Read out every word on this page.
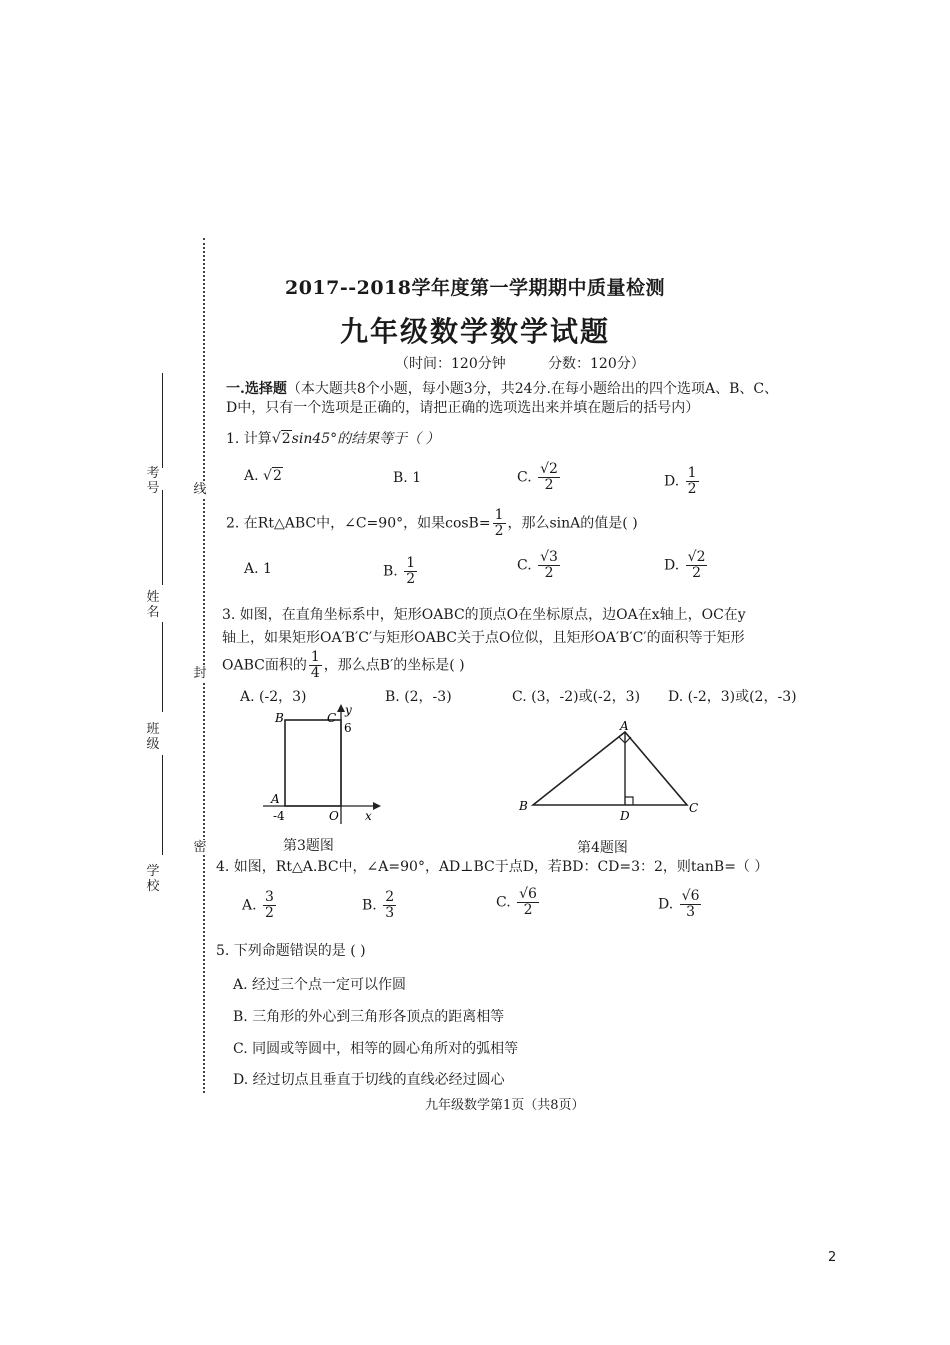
考号
姓名
班级
学校
线
封
密
2017--2018学年度第一学期期中质量检测
九年级数学数学试题
（时间：120分钟	分数：120分）
一.选择题（本大题共8个小题，每小题3分，共24分.在每小题给出的四个选项A、B、C、
D中，只有一个选项是正确的，请把正确的选项选出来并填在题后的括号内）
1. 计算√2sin45°的结果等于（ ）
A. √2	B. 1	C. $\frac{√2}{2}$	D. $\frac{1}{2}$
2. 在Rt△ABC中，∠C=90°，如果$\cos B= \frac{1}{2}$ ，那么sinA的值是( )
A. 1	B. $\frac{1}{2}$	C. $\frac{√3}{2}$	D. $\frac{√2}{2}$
3. 如图，在直角坐标系中，矩形OABC的顶点O在坐标原点，边OA在x轴上，OC在y
轴上，如果矩形OA′B′C′与矩形OABC关于点O位似，且矩形OA′B′C′的面积等于矩形
OABC面积的 $\frac{1}{4}$ ，那么点B′的坐标是( )
A. (-2，3)	B. (2，-3)	C. (3，-2)或(-2，3) D. (-2，3)或(2，-3)
B	C
y
6
A
-4	O x
第3题图
A
B	C
D
第4题图
4. 如图，Rt△A.BC中，∠A=90°，AD⊥BC于点D，若BD：CD=3：2，则tanB=（ ）
A. $\frac{3}{2}$	B. $\frac{2}{3}$	C. $\frac{√6}{2}$	D. $\frac{√6}{3}$
5. 下列命题错误的是 ( )
A. 经过三个点一定可以作圆
B. 三角形的外心到三角形各顶点的距离相等
C. 同圆或等圆中，相等的圆心角所对的弧相等
D. 经过切点且垂直于切线的直线必经过圆心
九年级数学第1页（共8页）
2
